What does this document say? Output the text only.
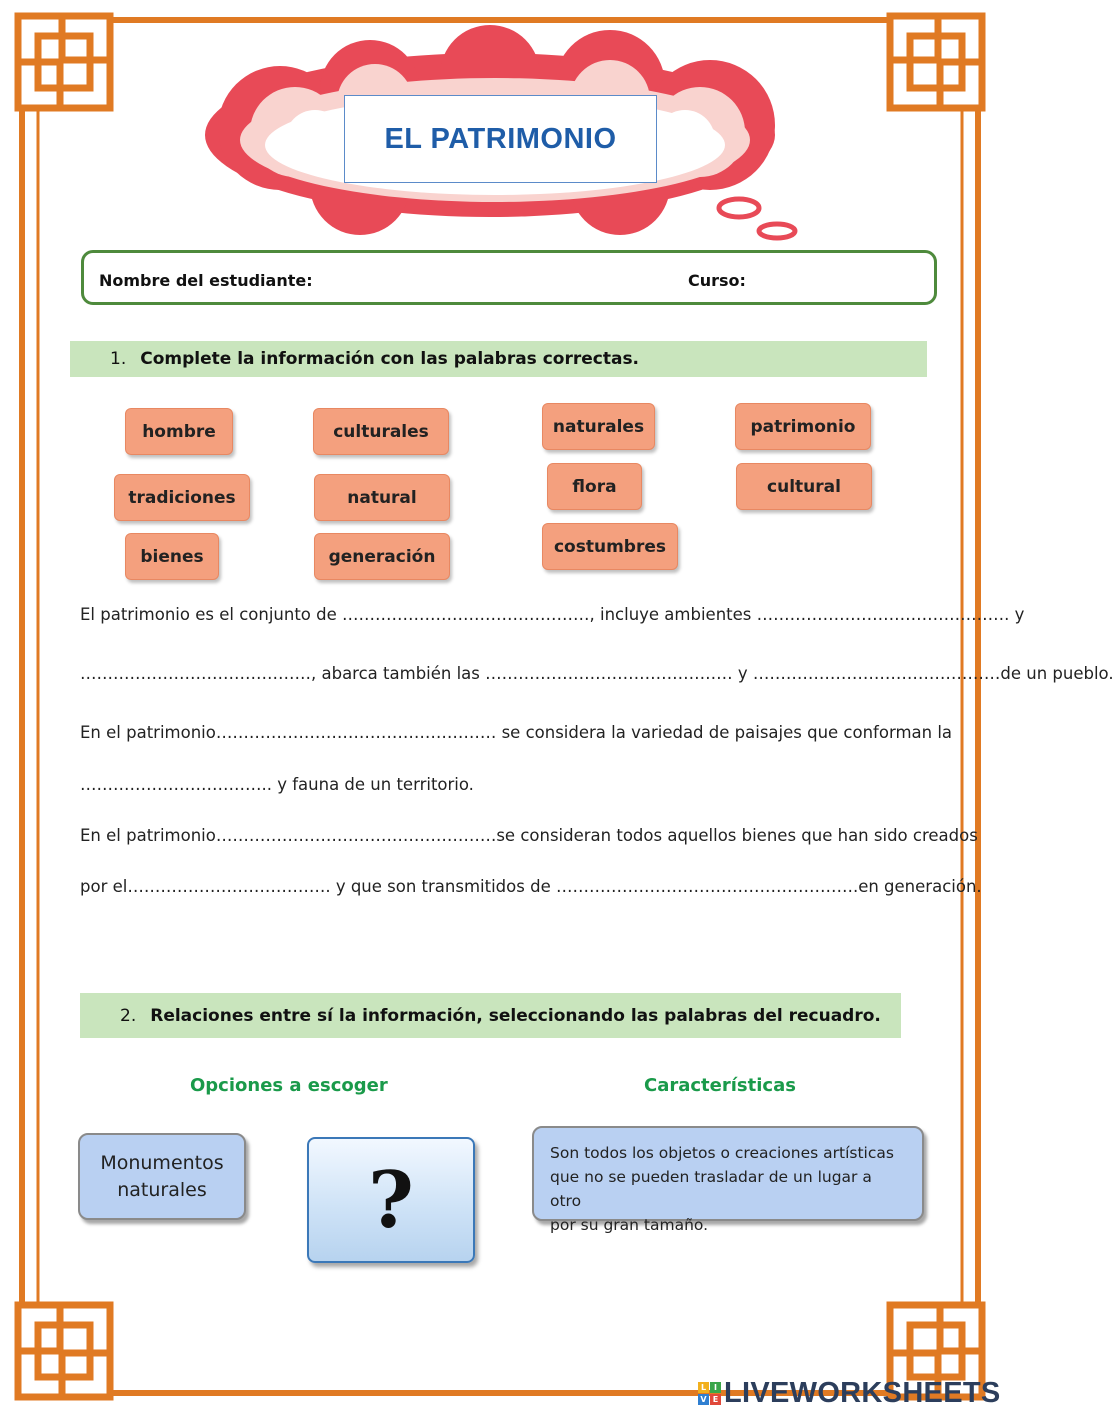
EL PATRIMONIO
Nombre del estudiante:	Curso:
1. Complete la información con las palabras correctas.
hombre	culturales	naturales	patrimonio
tradiciones	natural
flora	cultural
bienes	generación	costumbres
El patrimonio es el conjunto de ………………………………………, incluye ambientes ………………………………………. y
……………………………………, abarca también las ……………………………………… y ………………………………………de un pueblo.
En el patrimonio…………………………………………… se considera la variedad de paisajes que conforman la
…………………………….. y fauna de un territorio.
En el patrimonio……………………………………………se consideran todos aquellos bienes que han sido creados
por el………………………………. y que son transmitidos de ……………………………………………….en generación.
2. Relaciones entre sí la información, seleccionando las palabras del recuadro.
Opciones a escoger	Características
Monumentos
naturales ?
Son todos los objetos o creaciones artísticas
que no se pueden trasladar de un lugar a otro
por su gran tamaño.
L I
V E LIVEWORKSHEETS
